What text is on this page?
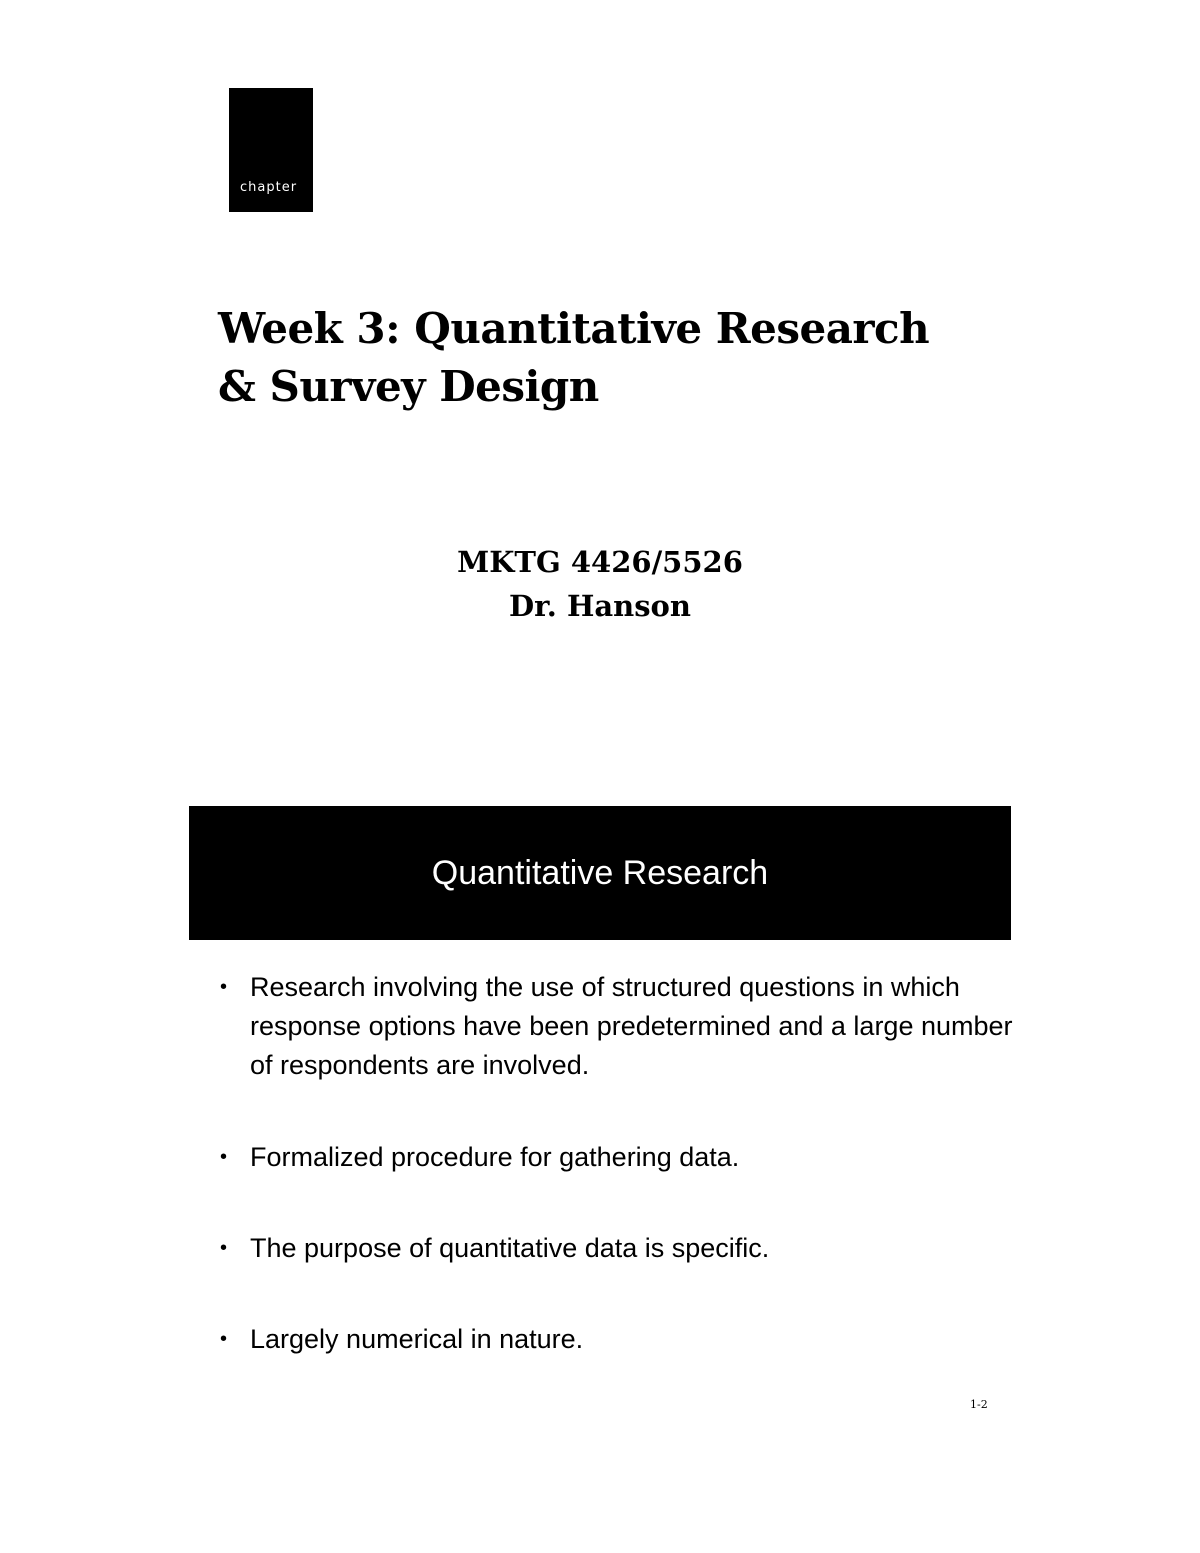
chapter
Week 3: Quantitative Research
& Survey Design
MKTG 4426/5526
Dr. Hanson
Quantitative Research
• Research involving the use of structured questions in which response options have been predetermined and a large number of respondents are involved.
• Formalized procedure for gathering data.
• The purpose of quantitative data is specific.
• Largely numerical in nature.
1-2
